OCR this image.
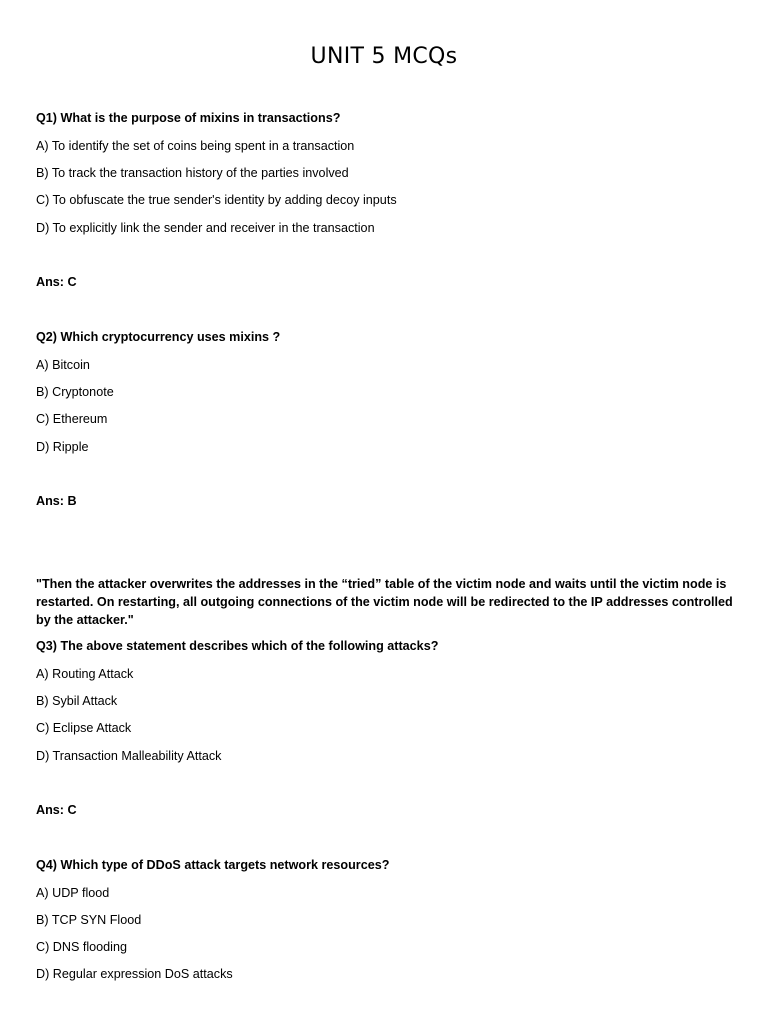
UNIT 5 MCQs
Q1) What is the purpose of mixins in transactions?
A) To identify the set of coins being spent in a transaction
B) To track the transaction history of the parties involved
C) To obfuscate the true sender's identity by adding decoy inputs
D) To explicitly link the sender and receiver in the transaction
Ans: C
Q2) Which cryptocurrency uses mixins ?
A) Bitcoin
B) Cryptonote
C) Ethereum
D) Ripple
Ans: B
"Then the attacker overwrites the addresses in the “tried” table of the victim node and waits until the victim node is restarted. On restarting, all outgoing connections of the victim node will be redirected to the IP addresses controlled by the attacker."
Q3) The above statement describes which of the following attacks?
A) Routing Attack
B) Sybil Attack
C) Eclipse Attack
D) Transaction Malleability Attack
Ans: C
Q4) Which type of DDoS attack targets network resources?
A) UDP flood
B) TCP SYN Flood
C) DNS flooding
D) Regular expression DoS attacks
